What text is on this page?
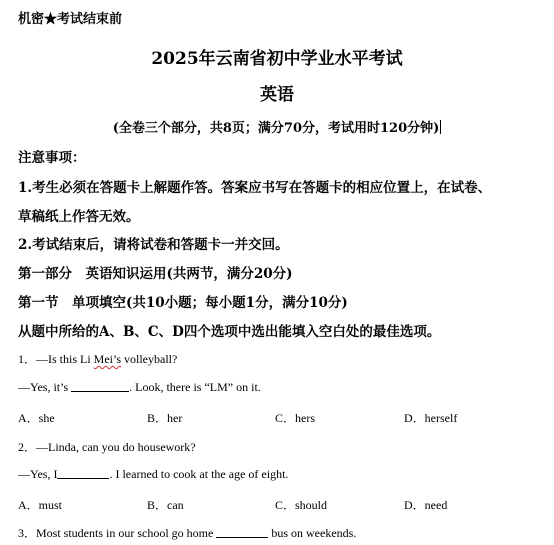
机密★考试结束前
2025年云南省初中学业水平考试
英语
(全卷三个部分，共8页；满分70分，考试用时120分钟)
注意事项：
1.考生必须在答题卡上解题作答。答案应书写在答题卡的相应位置上，在试卷、
草稿纸上作答无效。
2.考试结束后，请将试卷和答题卡一并交回。
第一部分　英语知识运用(共两节，满分20分)
第一节　单项填空(共10小题；每小题1分，满分10分)
从题中所给的A、B、C、D四个选项中选出能填入空白处的最佳选项。
1．—Is this Li Mei’s volleyball?
—Yes, it’s	. Look, there is “LM” on it.
A．she	B．her	C．hers	D．herself
2．—Linda, can you do housework?
—Yes, I	. I learned to cook at the age of eight.
A．must	B．can	C．should	D．need
3．Most students in our school go home	bus on weekends.
